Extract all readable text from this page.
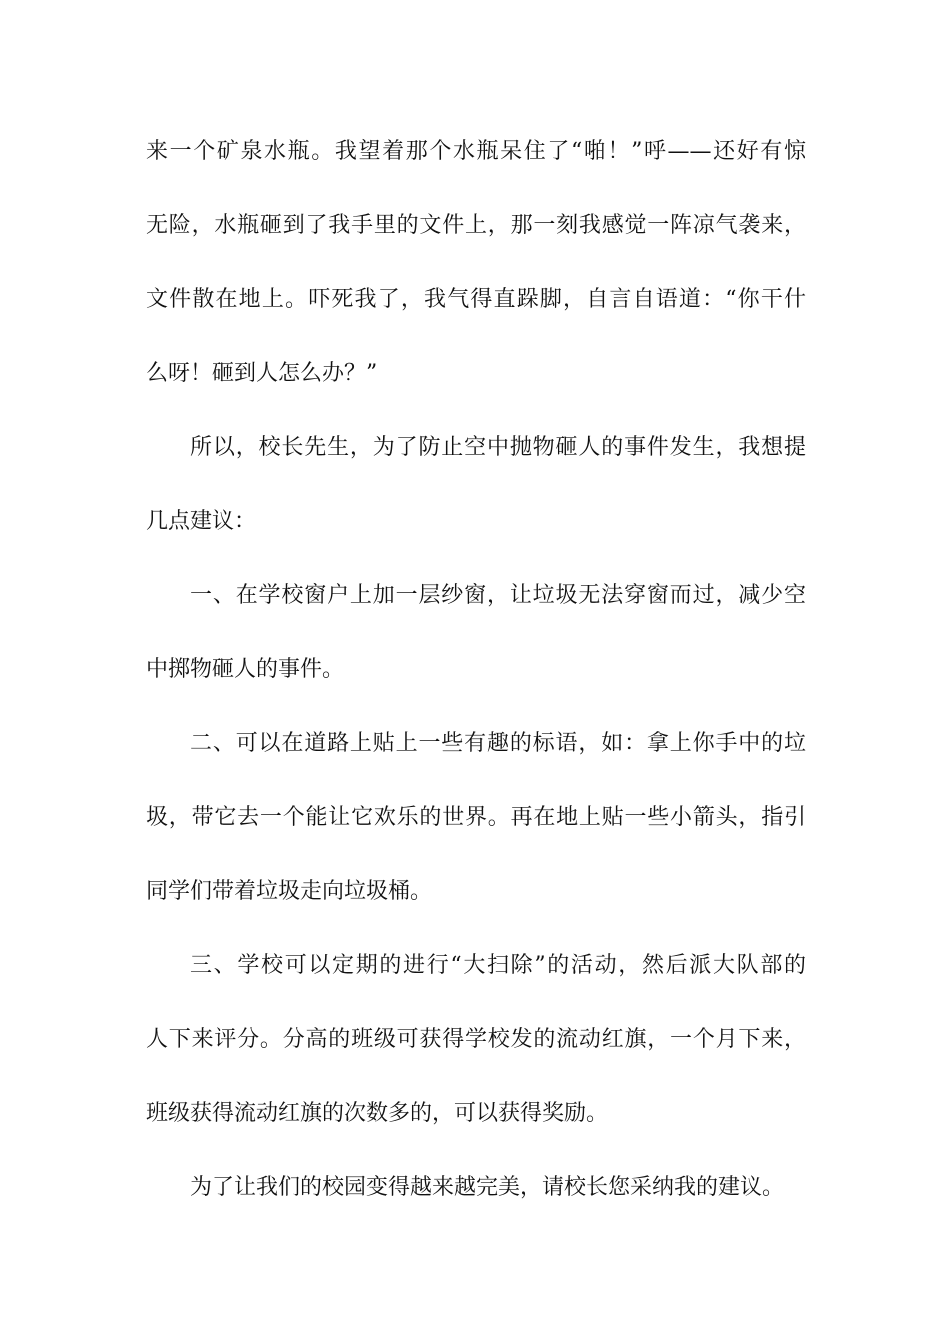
来一个矿泉水瓶。我望着那个水瓶呆住了“啪！”呼——还好有惊
无险，水瓶砸到了我手里的文件上，那一刻我感觉一阵凉气袭来，
文件散在地上。吓死我了，我气得直跺脚，自言自语道：“你干什
么呀！砸到人怎么办？”
所以，校长先生，为了防止空中抛物砸人的事件发生，我想提
几点建议：
一、在学校窗户上加一层纱窗，让垃圾无法穿窗而过，减少空
中掷物砸人的事件。
二、可以在道路上贴上一些有趣的标语，如：拿上你手中的垃
圾，带它去一个能让它欢乐的世界。再在地上贴一些小箭头，指引
同学们带着垃圾走向垃圾桶。
三、学校可以定期的进行“大扫除”的活动，然后派大队部的
人下来评分。分高的班级可获得学校发的流动红旗，一个月下来，
班级获得流动红旗的次数多的，可以获得奖励。
为了让我们的校园变得越来越完美，请校长您采纳我的建议。
